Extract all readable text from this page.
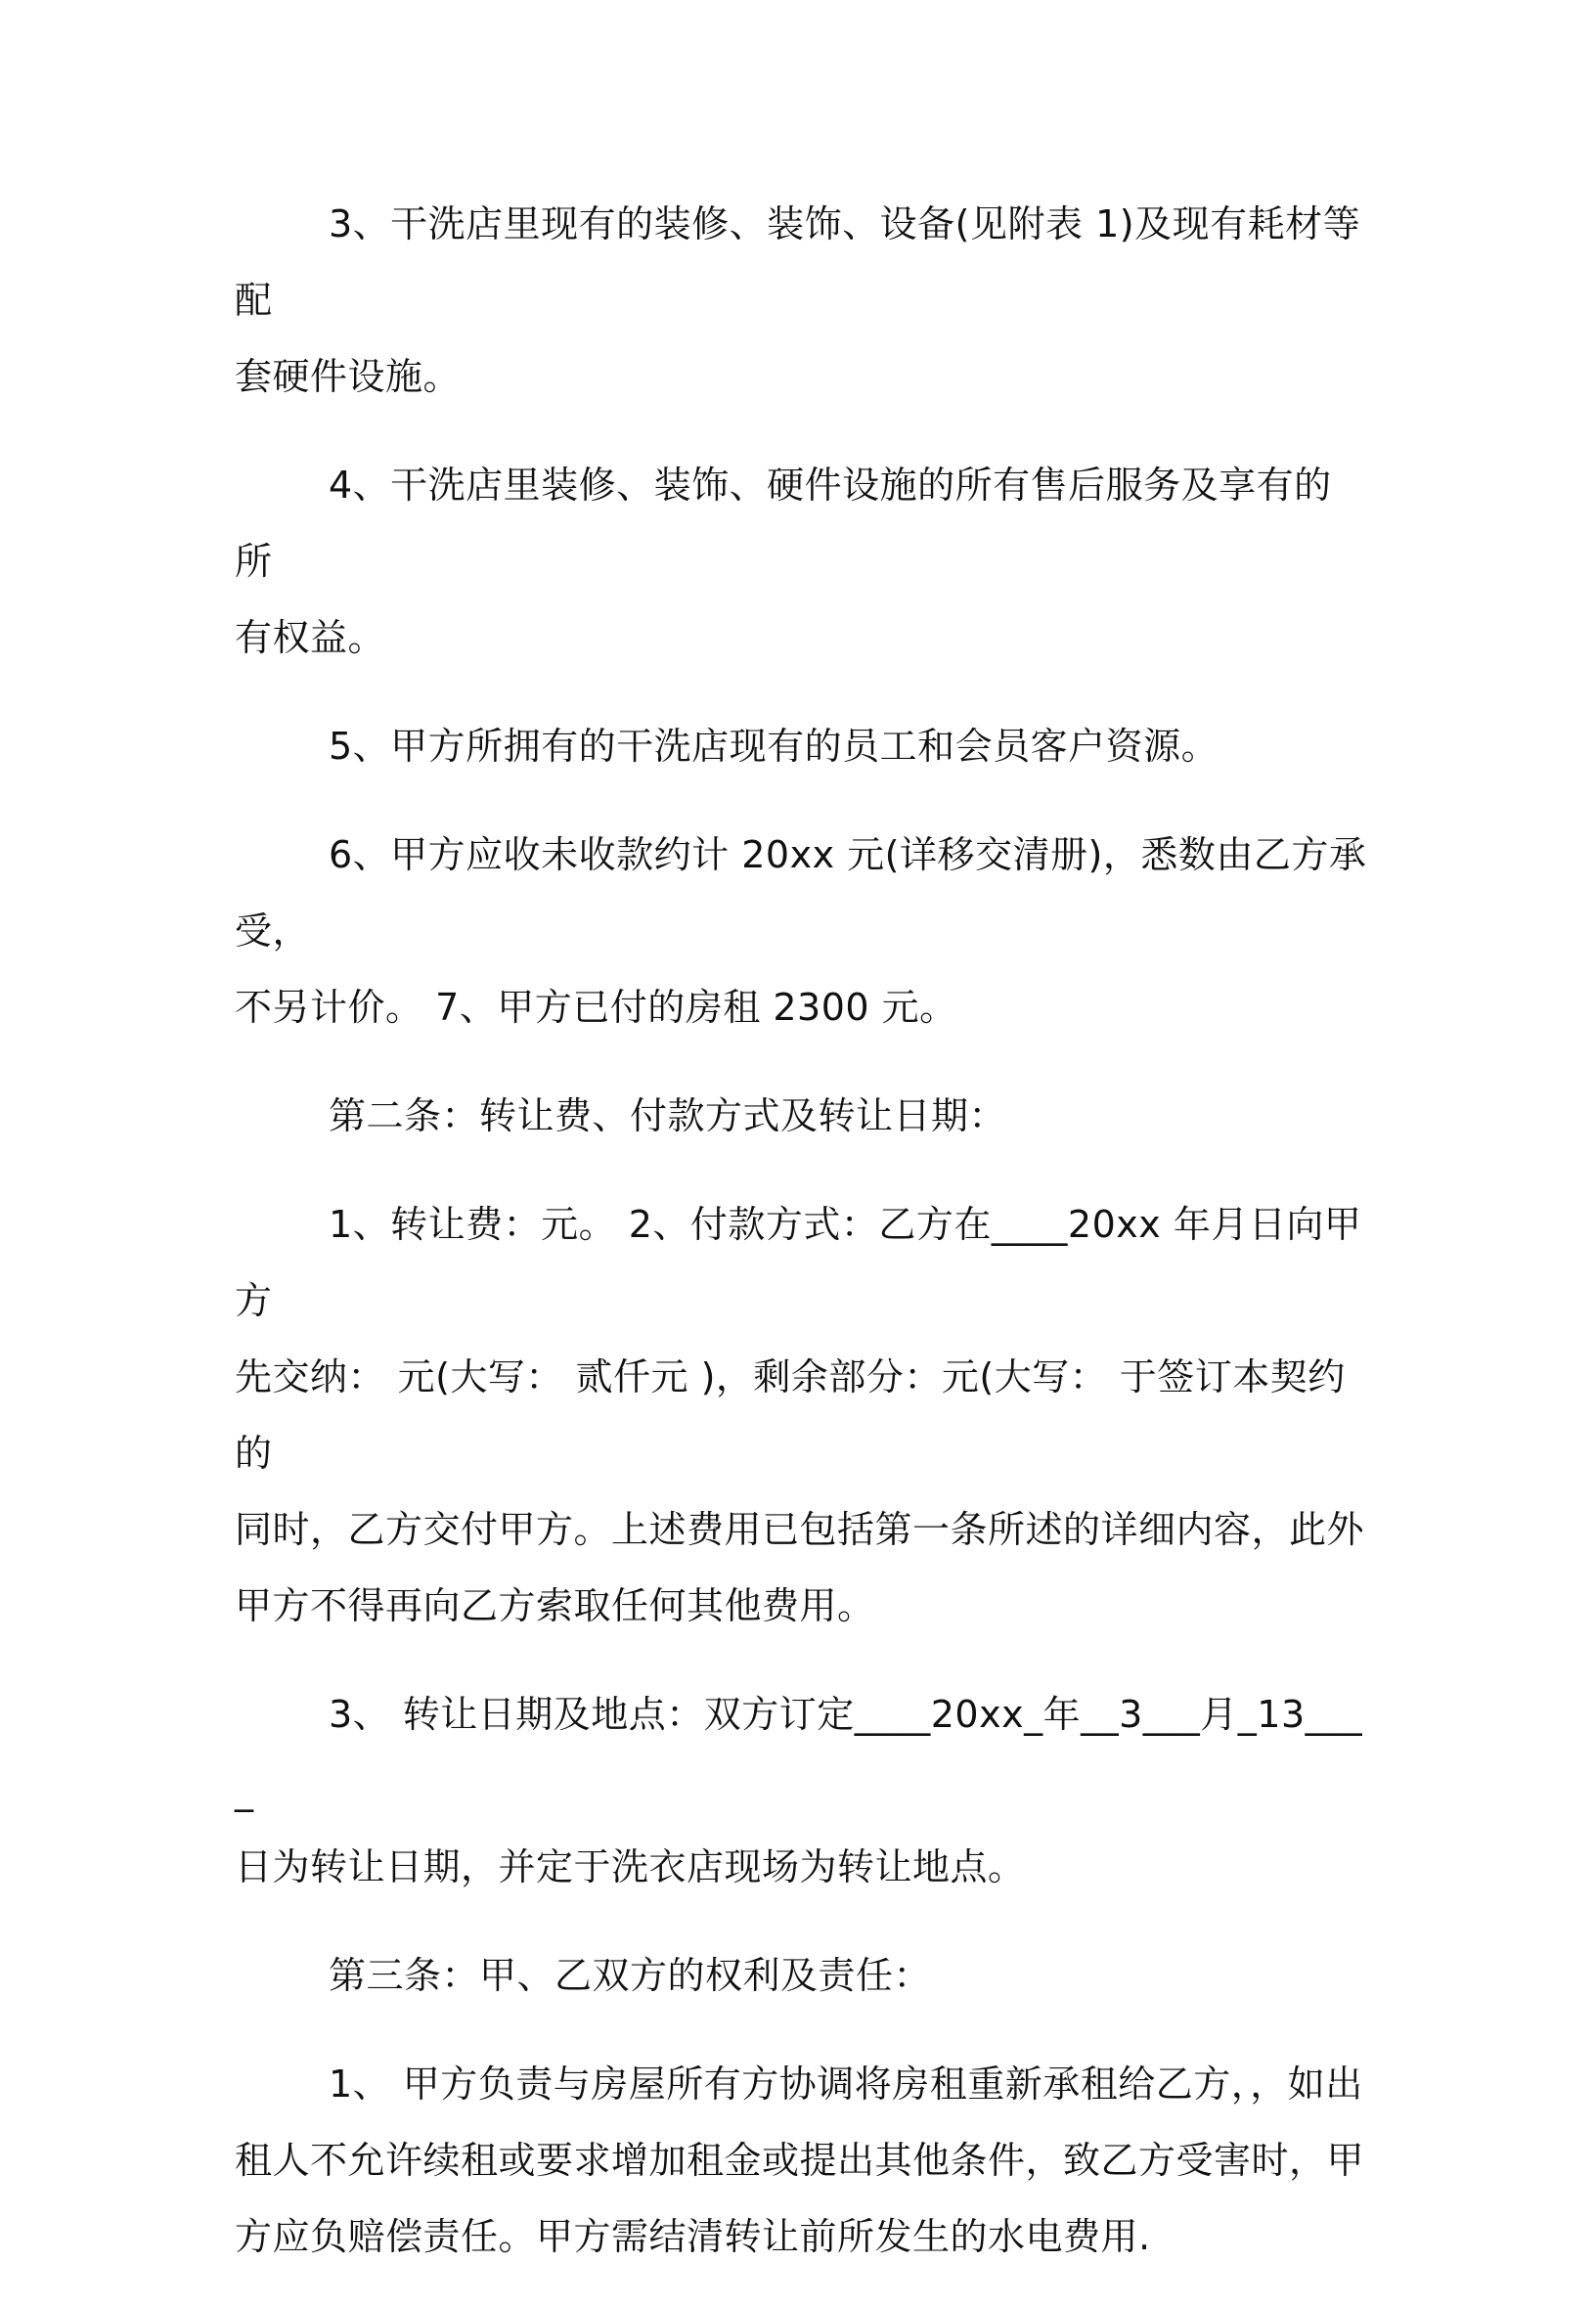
3、干洗店里现有的装修、装饰、设备(见附表 1)及现有耗材等配
套硬件设施。

4、干洗店里装修、装饰、硬件设施的所有售后服务及享有的所
有权益。

5、甲方所拥有的干洗店现有的员工和会员客户资源。

6、甲方应收未收款约计 20xx 元(详移交清册)，悉数由乙方承受，
不另计价。 7、甲方已付的房租 2300 元。

第二条：转让费、付款方式及转让日期：

1、转让费：元。 2、付款方式：乙方在____20xx 年月日向甲方
先交纳： 元(大写： 贰仟元 )，剩余部分：元(大写： 于签订本契约的
同时，乙方交付甲方。上述费用已包括第一条所述的详细内容，此外
甲方不得再向乙方索取任何其他费用。

3、 转让日期及地点：双方订定____20xx_年__3___月_13____
日为转让日期，并定于洗衣店现场为转让地点。

第三条：甲、乙双方的权利及责任：

1、 甲方负责与房屋所有方协调将房租重新承租给乙方，，如出
租人不允许续租或要求增加租金或提出其他条件，致乙方受害时，甲
方应负赔偿责任。甲方需结清转让前所发生的水电费用.
